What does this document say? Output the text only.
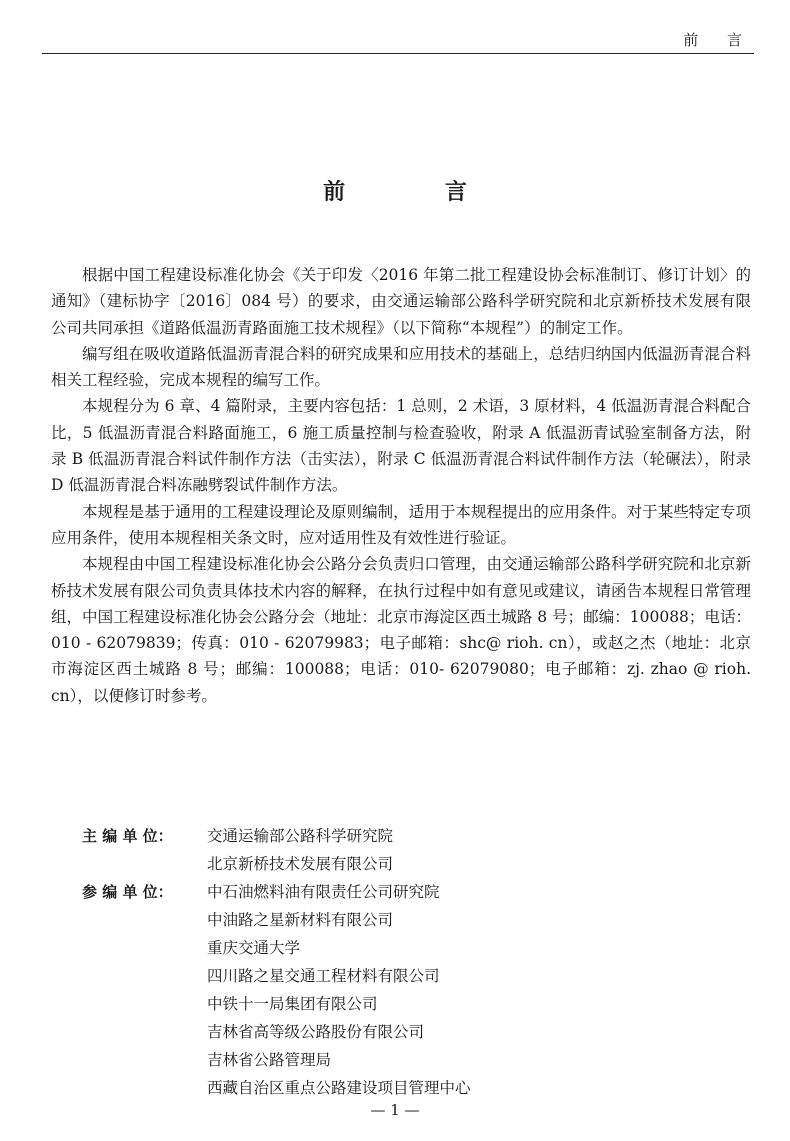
前 言
前 言

根据中国工程建设标准化协会《关于印发〈2016 年第二批工程建设协会标准制订、修订计划〉的通知》（建标协字〔2016〕084 号）的要求，由交通运输部公路科学研究院和北京新桥技术发展有限公司共同承担《道路低温沥青路面施工技术规程》（以下简称“本规程”）的制定工作。

编写组在吸收道路低温沥青混合料的研究成果和应用技术的基础上，总结归纳国内低温沥青混合料相关工程经验，完成本规程的编写工作。

本规程分为 6 章、4 篇附录，主要内容包括：1 总则，2 术语，3 原材料，4 低温沥青混合料配合比，5 低温沥青混合料路面施工，6 施工质量控制与检查验收，附录 A 低温沥青试验室制备方法，附录 B 低温沥青混合料试件制作方法（击实法），附录 C 低温沥青混合料试件制作方法（轮碾法），附录 D 低温沥青混合料冻融劈裂试件制作方法。

本规程是基于通用的工程建设理论及原则编制，适用于本规程提出的应用条件。对于某些特定专项应用条件，使用本规程相关条文时，应对适用性及有效性进行验证。

本规程由中国工程建设标准化协会公路分会负责归口管理，由交通运输部公路科学研究院和北京新桥技术发展有限公司负责具体技术内容的解释，在执行过程中如有意见或建议，请函告本规程日常管理组，中国工程建设标准化协会公路分会（地址：北京市海淀区西土城路 8 号；邮编：100088；电话：010 - 62079839；传真：010 - 62079983；电子邮箱：shc@ rioh. cn），或赵之杰（地址：北京市海淀区西土城路 8 号；邮编：100088；电话：010- 62079080；电子邮箱：zj. zhao @ rioh. cn），以便修订时参考。

主 编 单 位：	交通运输部公路科学研究院
北京新桥技术发展有限公司
参 编 单 位：	中石油燃料油有限责任公司研究院
中油路之星新材料有限公司
重庆交通大学
四川路之星交通工程材料有限公司
中铁十一局集团有限公司
吉林省高等级公路股份有限公司
吉林省公路管理局
西藏自治区重点公路建设项目管理中心
— 1 —
